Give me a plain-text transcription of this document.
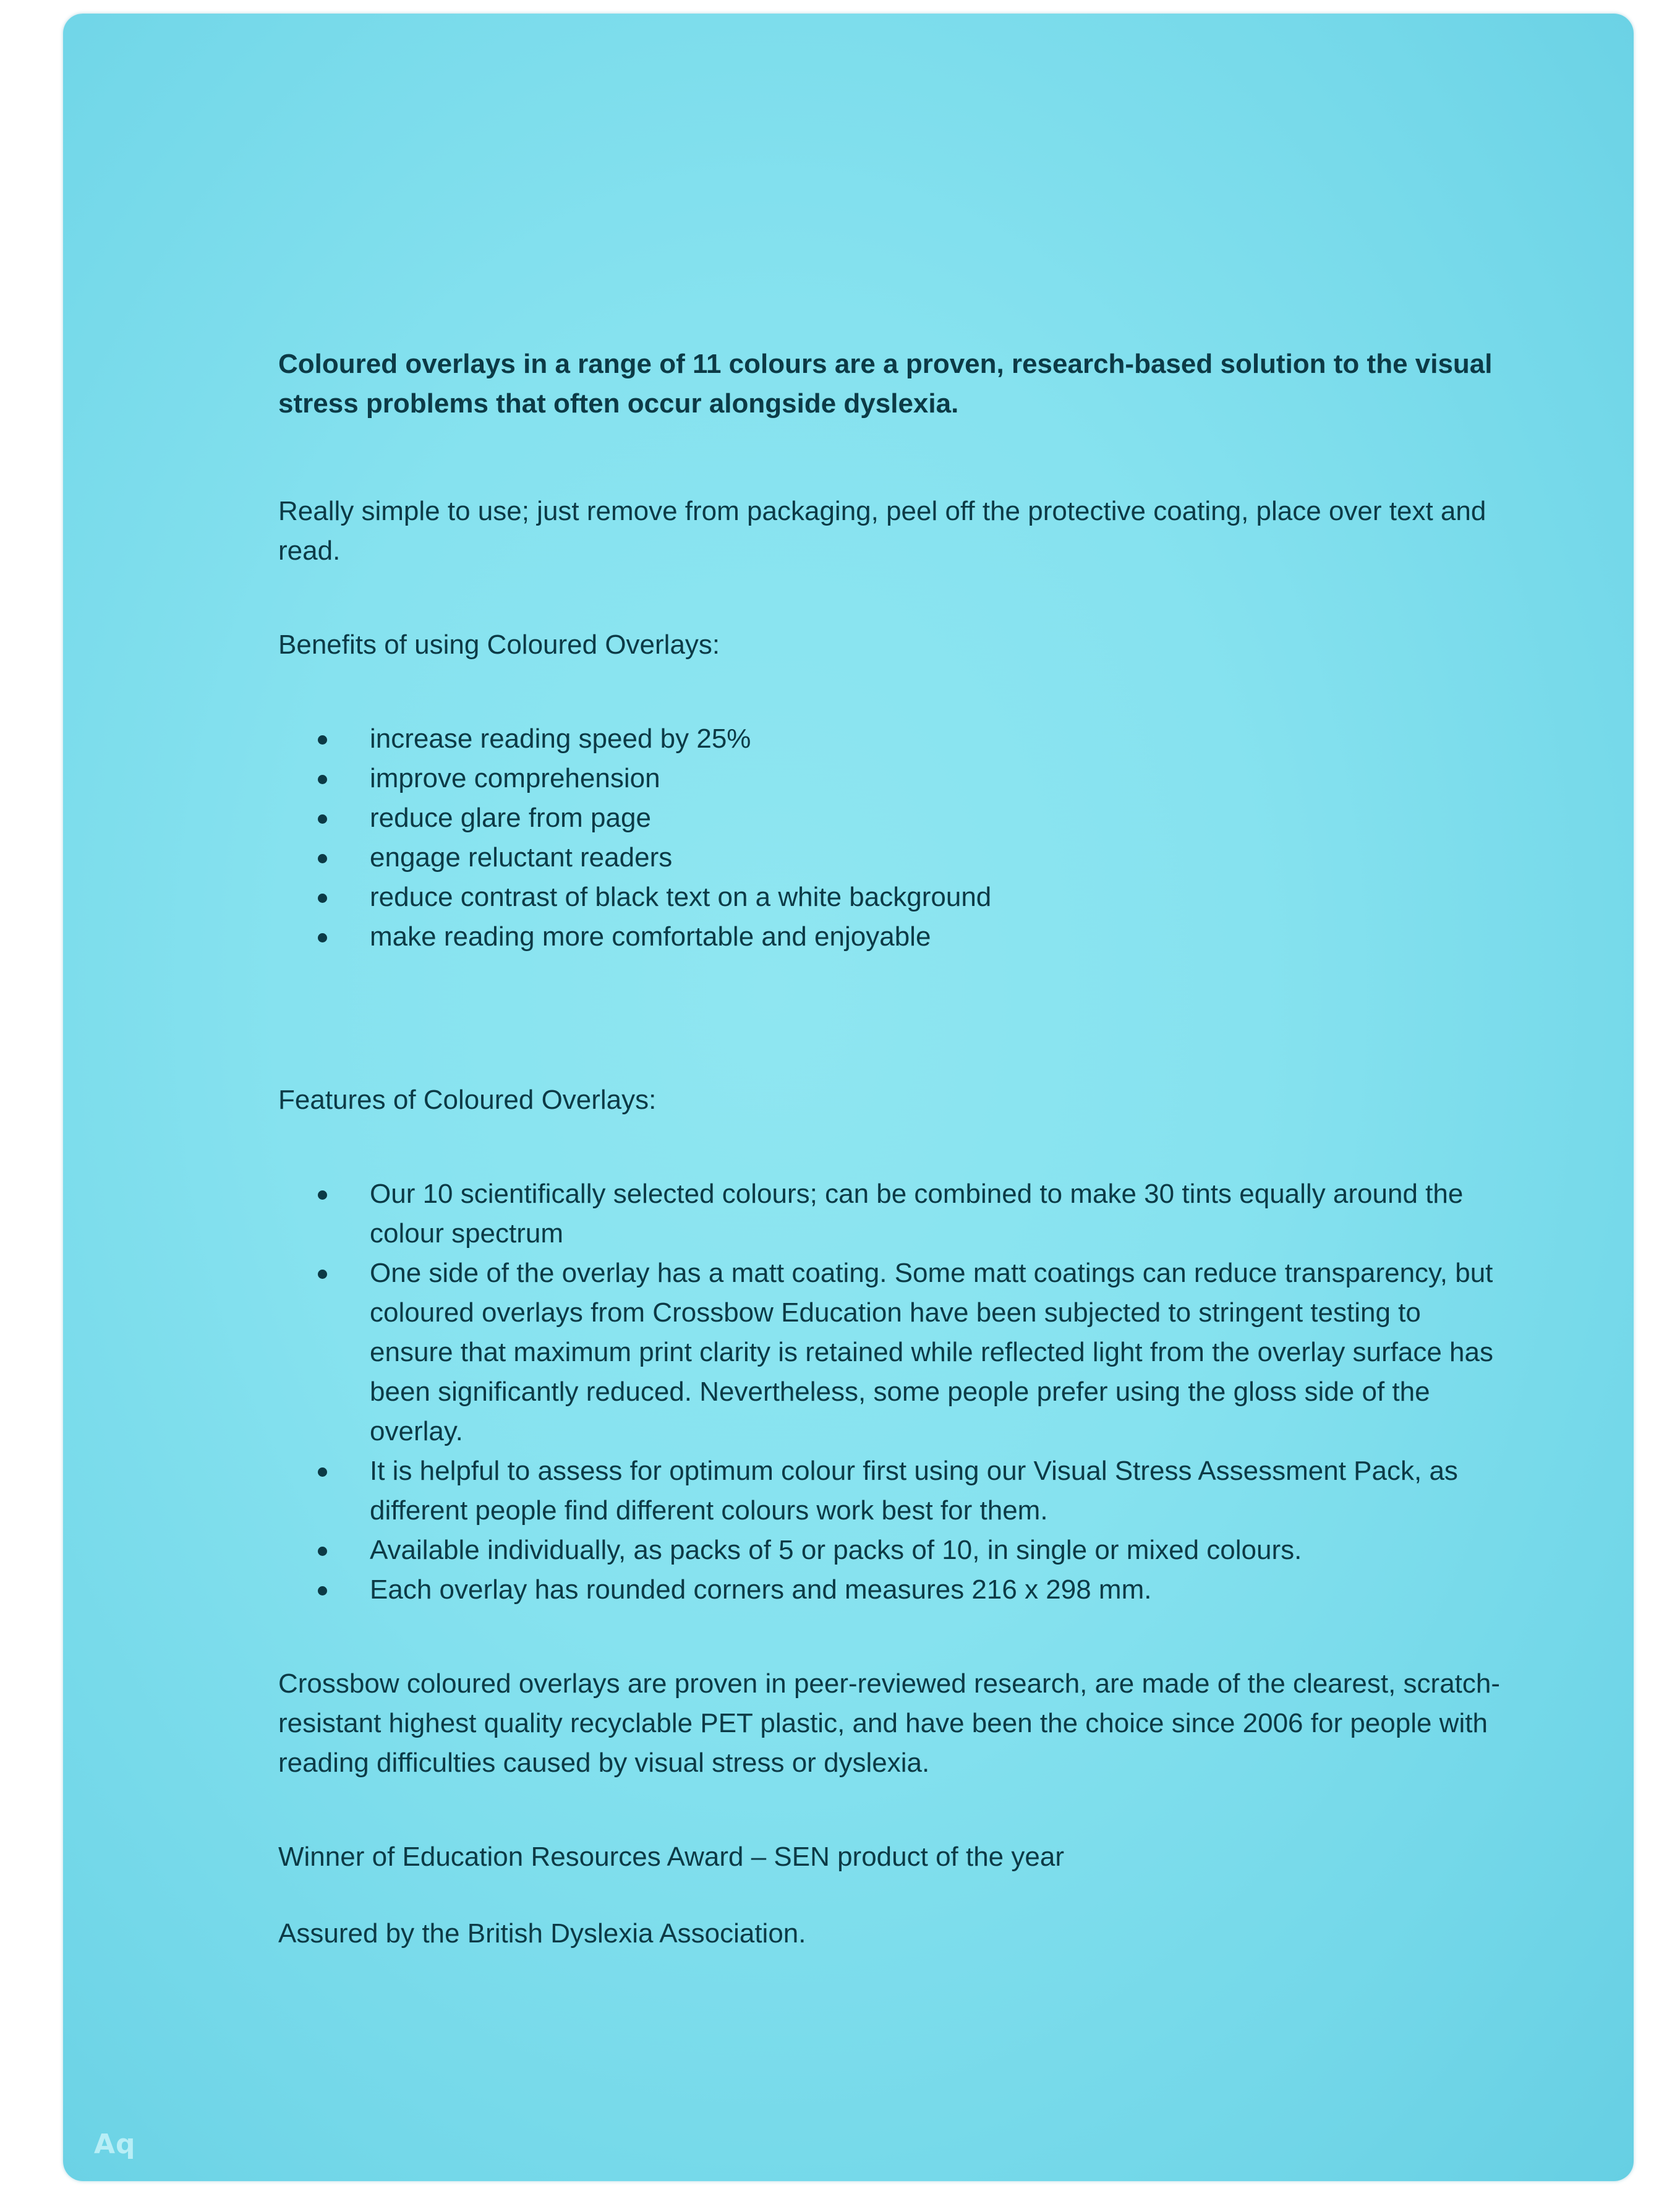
Coloured overlays in a range of 11 colours are a proven, research-based solution to the visual stress problems that often occur alongside dyslexia.

Really simple to use; just remove from packaging, peel off the protective coating, place over text and read.

Benefits of using Coloured Overlays:

increase reading speed by 25%
improve comprehension
reduce glare from page
engage reluctant readers
reduce contrast of black text on a white background
make reading more comfortable and enjoyable

Features of Coloured Overlays:

Our 10 scientifically selected colours; can be combined to make 30 tints equally around the colour spectrum
One side of the overlay has a matt coating. Some matt coatings can reduce transparency, but coloured overlays from Crossbow Education have been subjected to stringent testing to ensure that maximum print clarity is retained while reflected light from the overlay surface has been significantly reduced. Nevertheless, some people prefer using the gloss side of the overlay.
It is helpful to assess for optimum colour first using our Visual Stress Assessment Pack, as different people find different colours work best for them.
Available individually, as packs of 5 or packs of 10, in single or mixed colours.
Each overlay has rounded corners and measures 216 x 298 mm.

Crossbow coloured overlays are proven in peer-reviewed research, are made of the clearest, scratch-resistant highest quality recyclable PET plastic, and have been the choice since 2006 for people with reading difficulties caused by visual stress or dyslexia.

Winner of Education Resources Award – SEN product of the year

Assured by the British Dyslexia Association.

Aq
